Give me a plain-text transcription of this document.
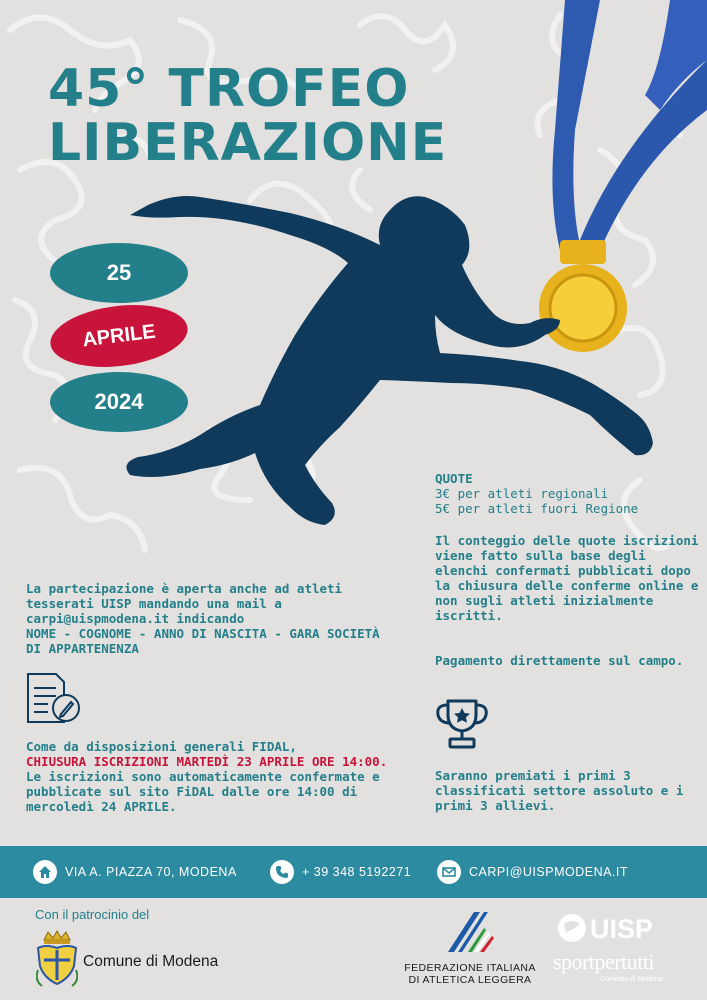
45° TROFEO
LIBERAZIONE
25
APRILE
2024
QUOTE
3€ per atleti regionali
5€ per atleti fuori Regione
Il conteggio delle quote iscrizioni viene fatto sulla base degli elenchi confermati pubblicati dopo la chiusura delle conferme online e non sugli atleti inizialmente iscritti.
Pagamento direttamente sul campo.
Saranno premiati i primi 3 classificati settore assoluto e i primi 3 allievi.
La partecipazione è aperta anche ad atleti tesserati UISP mandando una mail a carpi@uispmodena.it indicando
NOME - COGNOME - ANNO DI NASCITA - GARA SOCIETÀ DI APPARTENENZA
Come da disposizioni generali FIDAL,
CHIUSURA ISCRIZIONI MARTEDÌ 23 APRILE ORE 14:00.
Le iscrizioni sono automaticamente confermate e pubblicate sul sito FiDAL dalle ore 14:00 di mercoledì 24 APRILE.
VIA A. PIAZZA 70, MODENA	+ 39 348 5192271	CARPI@UISPMODENA.IT
Con il patrocinio del
Comune di Modena	FEDERAZIONE ITALIANA
DI ATLETICA LEGGERA
UISP
sportpertutti
Comitato di Modena
